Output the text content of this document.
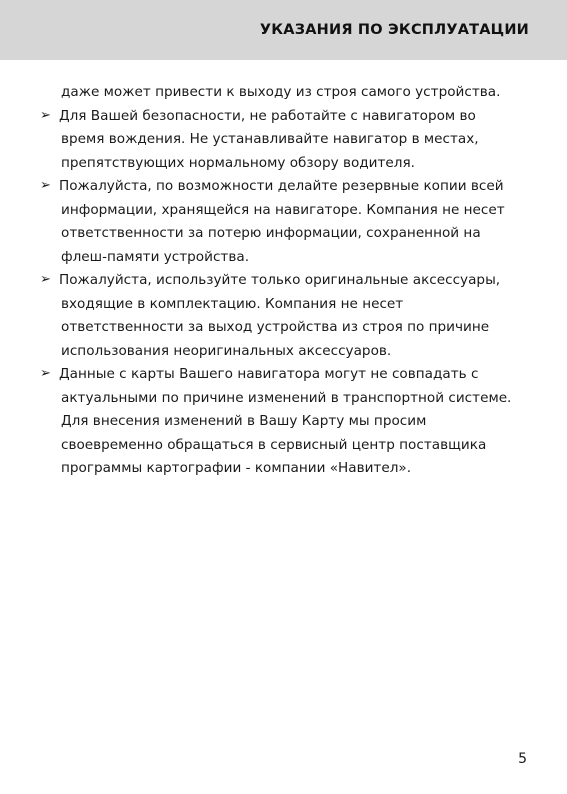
УКАЗАНИЯ ПО ЭКСПЛУАТАЦИИ
даже может привести к выходу из строя самого устройства.
➢ Для Вашей безопасности, не работайте с навигатором во
время вождения. Не устанавливайте навигатор в местах,
препятствующих нормальному обзору водителя.
➢ Пожалуйста, по возможности делайте резервные копии всей
информации, хранящейся на навигаторе. Компания не несет
ответственности за потерю информации, сохраненной на
флеш-памяти устройства.
➢ Пожалуйста, используйте только оригинальные аксессуары,
входящие в комплектацию. Компания не несет
ответственности за выход устройства из строя по причине
использования неоригинальных аксессуаров.
➢ Данные с карты Вашего навигатора могут не совпадать с
актуальными по причине изменений в транспортной системе.
Для внесения изменений в Вашу Карту мы просим
своевременно обращаться в сервисный центр поставщика
программы картографии - компании «Навител».
5
